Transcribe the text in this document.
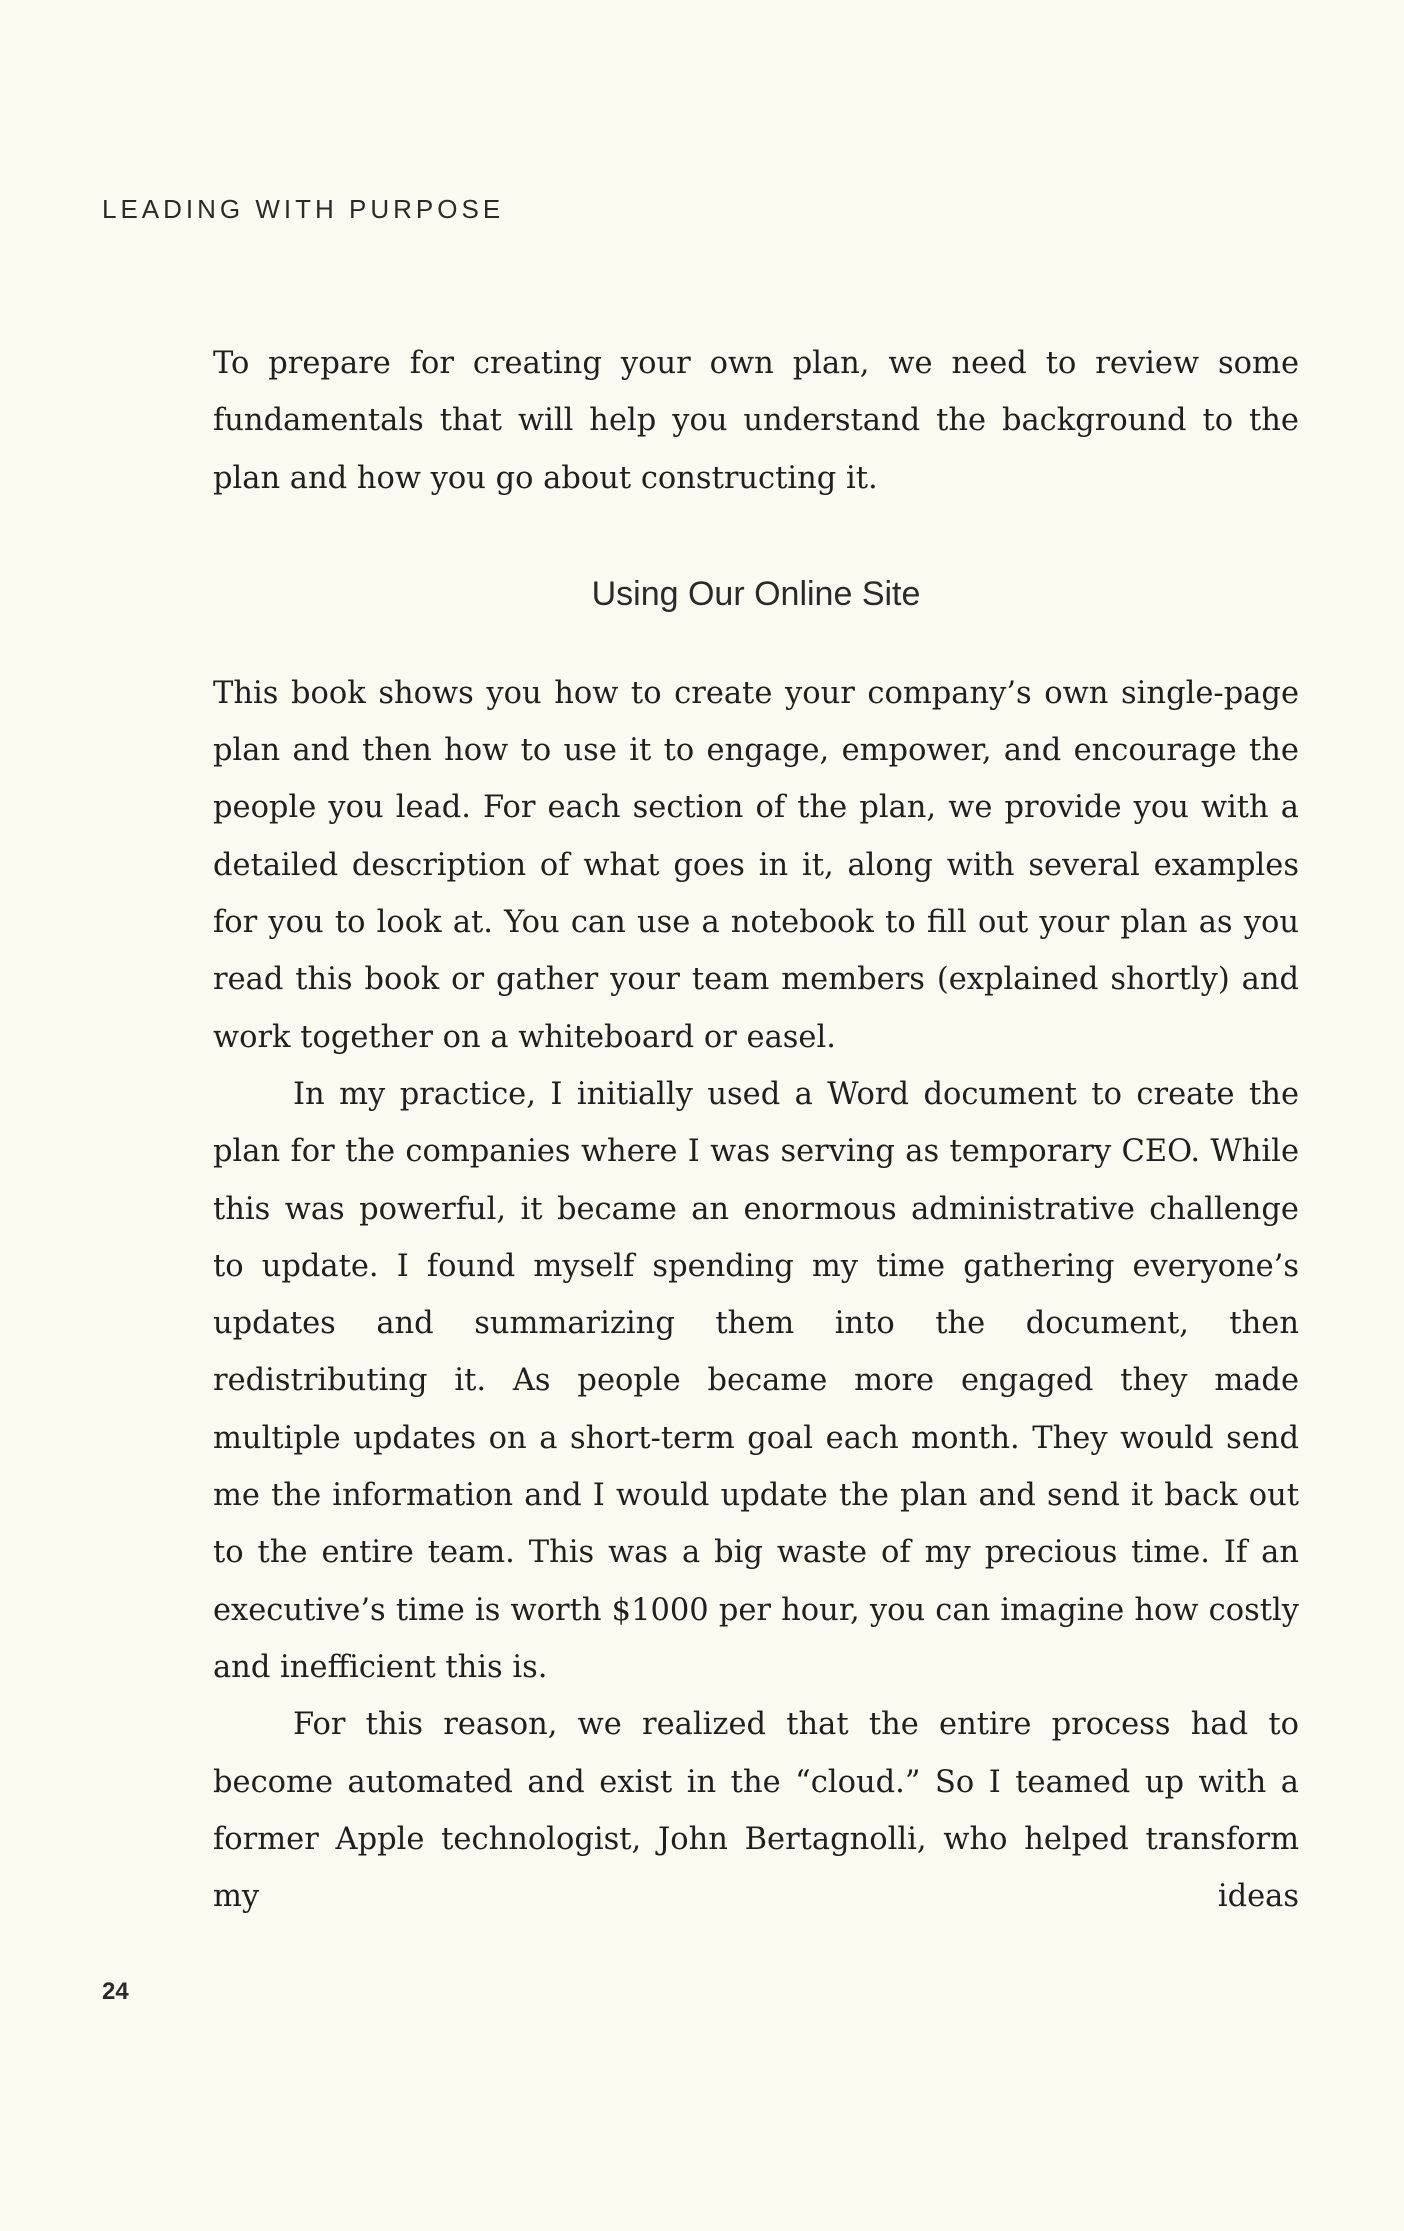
LEADING WITH PURPOSE

To prepare for creating your own plan, we need to review some fundamentals that will help you understand the background to the plan and how you go about constructing it.

Using Our Online Site

This book shows you how to create your company’s own single-page plan and then how to use it to engage, empower, and encourage the people you lead. For each section of the plan, we provide you with a detailed description of what goes in it, along with several examples for you to look at. You can use a notebook to fill out your plan as you read this book or gather your team members (explained shortly) and work together on a whiteboard or easel.

In my practice, I initially used a Word document to create the plan for the companies where I was serving as temporary CEO. While this was powerful, it became an enormous administrative challenge to update. I found myself spending my time gathering everyone’s updates and summarizing them into the document, then redistributing it. As people became more engaged they made multiple updates on a short-term goal each month. They would send me the information and I would update the plan and send it back out to the entire team. This was a big waste of my precious time. If an executive’s time is worth $1000 per hour, you can imagine how costly and inefficient this is.

For this reason, we realized that the entire process had to become automated and exist in the “cloud.” So I teamed up with a former Apple technologist, John Bertagnolli, who helped transform my ideas

24
